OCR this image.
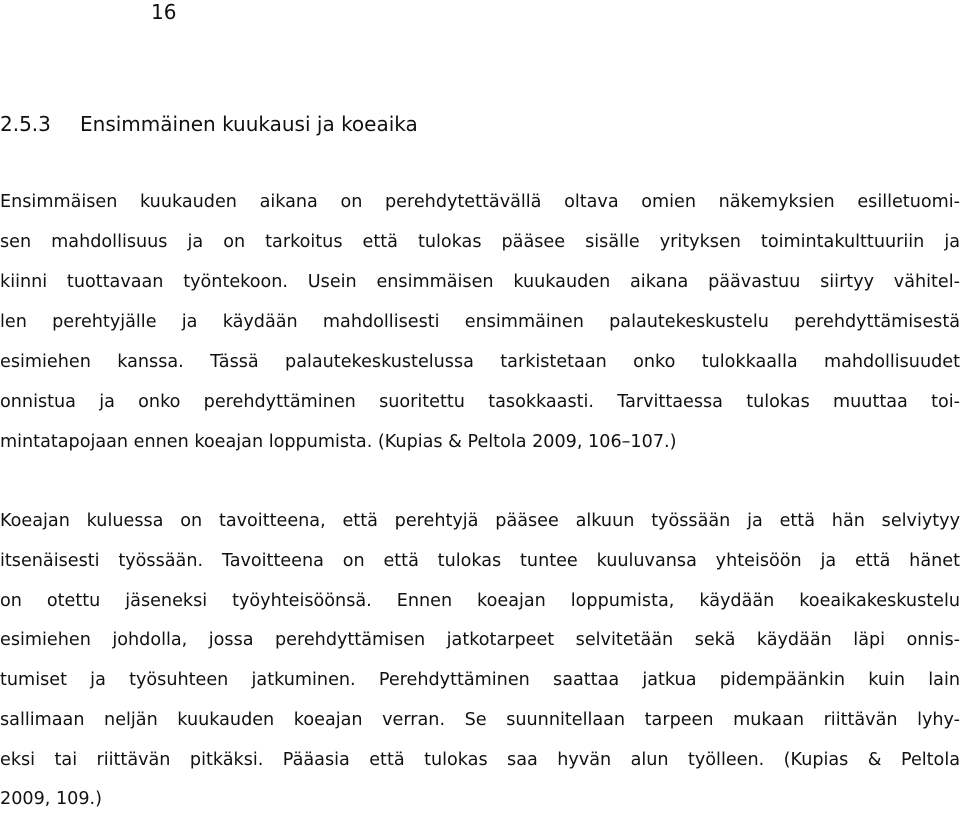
16
2.5.3 Ensimmäinen kuukausi ja koeaika
Ensimmäisen kuukauden aikana on perehdytettävällä oltava omien näkemyksien esilletuomi-
sen mahdollisuus ja on tarkoitus että tulokas pääsee sisälle yrityksen toimintakulttuuriin ja
kiinni tuottavaan työntekoon. Usein ensimmäisen kuukauden aikana päävastuu siirtyy vähitel-
len perehtyjälle ja käydään mahdollisesti ensimmäinen palautekeskustelu perehdyttämisestä
esimiehen kanssa. Tässä palautekeskustelussa tarkistetaan onko tulokkaalla mahdollisuudet
onnistua ja onko perehdyttäminen suoritettu tasokkaasti. Tarvittaessa tulokas muuttaa toi-
mintatapojaan ennen koeajan loppumista. (Kupias & Peltola 2009, 106–107.)
Koeajan kuluessa on tavoitteena, että perehtyjä pääsee alkuun työssään ja että hän selviytyy
itsenäisesti työssään. Tavoitteena on että tulokas tuntee kuuluvansa yhteisöön ja että hänet
on otettu jäseneksi työyhteisöönsä. Ennen koeajan loppumista, käydään koeaikakeskustelu
esimiehen johdolla, jossa perehdyttämisen jatkotarpeet selvitetään sekä käydään läpi onnis-
tumiset ja työsuhteen jatkuminen. Perehdyttäminen saattaa jatkua pidempäänkin kuin lain
sallimaan neljän kuukauden koeajan verran. Se suunnitellaan tarpeen mukaan riittävän lyhy-
eksi tai riittävän pitkäksi. Pääasia että tulokas saa hyvän alun työlleen. (Kupias & Peltola
2009, 109.)
